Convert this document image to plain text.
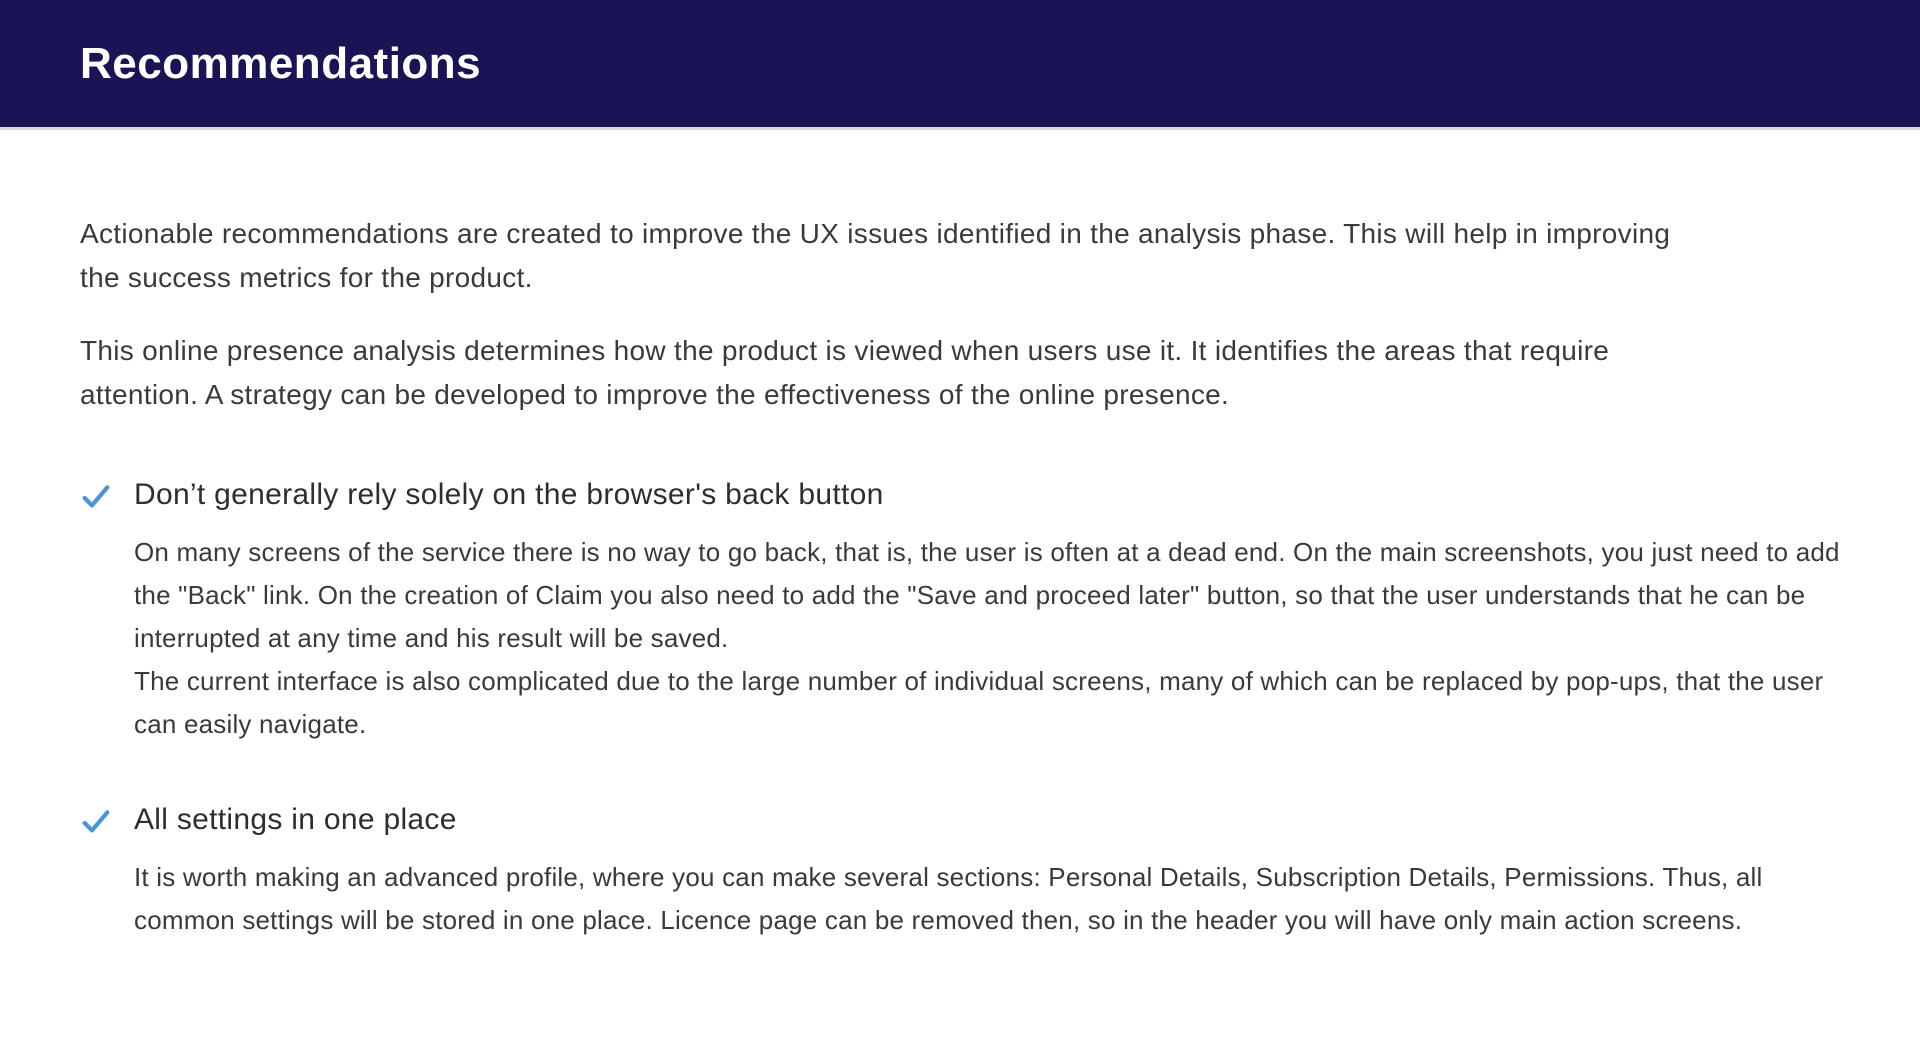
Recommendations

Actionable recommendations are created to improve the UX issues identified in the analysis phase. This will help in improving the success metrics for the product.

This online presence analysis determines how the product is viewed when users use it. It identifies the areas that require attention. A strategy can be developed to improve the effectiveness of the online presence.

Don’t generally rely solely on the browser's back button
On many screens of the service there is no way to go back, that is, the user is often at a dead end. On the main screenshots, you just need to add the "Back" link. On the creation of Claim you also need to add the "Save and proceed later" button, so that the user understands that he can be interrupted at any time and his result will be saved.
The current interface is also complicated due to the large number of individual screens, many of which can be replaced by pop-ups, that the user can easily navigate.
All settings in one place
It is worth making an advanced profile, where you can make several sections: Personal Details, Subscription Details, Permissions. Thus, all common settings will be stored in one place. Licence page can be removed then, so in the header you will have only main action screens.
